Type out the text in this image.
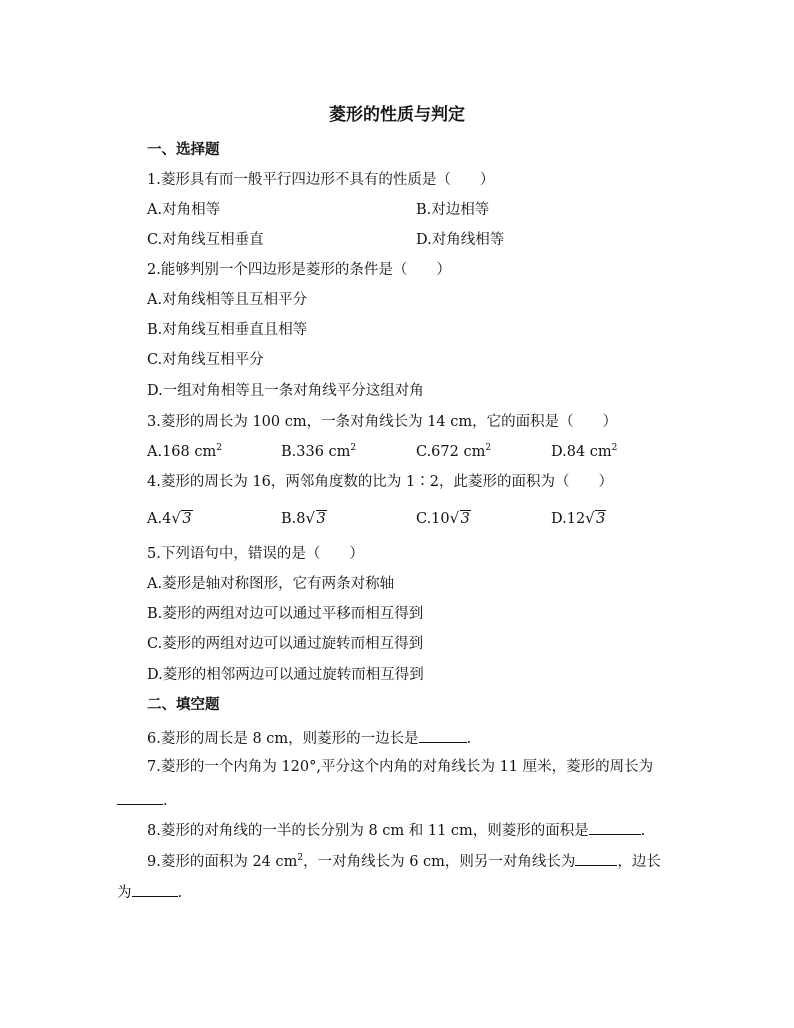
菱形的性质与判定
一、选择题
1.菱形具有而一般平行四边形不具有的性质是（　　）
A.对角相等	B.对边相等
C.对角线互相垂直	D.对角线相等
2.能够判别一个四边形是菱形的条件是（　　）
A.对角线相等且互相平分
B.对角线互相垂直且相等
C.对角线互相平分
D.一组对角相等且一条对角线平分这组对角
3.菱形的周长为 100 cm，一条对角线长为 14 cm，它的面积是（　　）
A.168 $cm^2$	B.336 $cm^2$	C.672 $cm^2$	D.84 $cm^2$
4.菱形的周长为 16，两邻角度数的比为 1∶2，此菱形的面积为（　　）
A.4 √ 3	B.8 √ 3	C.10 √ 3	D.12 √ 3
5.下列语句中，错误的是（　　）
A.菱形是轴对称图形，它有两条对称轴
B.菱形的两组对边可以通过平移而相互得到
C.菱形的两组对边可以通过旋转而相互得到
D.菱形的相邻两边可以通过旋转而相互得到
二、填空题
6.菱形的周长是 8 cm，则菱形的一边长是	.
7.菱形的一个内角为 120°,平分这个内角的对角线长为 11 厘米，菱形的周长为
.
8.菱形的对角线的一半的长分别为 8 cm 和 11 cm，则菱形的面积是	.
9.菱形的面积为 24 $cm^2$，一对角线长为 6 cm，则另一对角线长为	，边长
为	.
